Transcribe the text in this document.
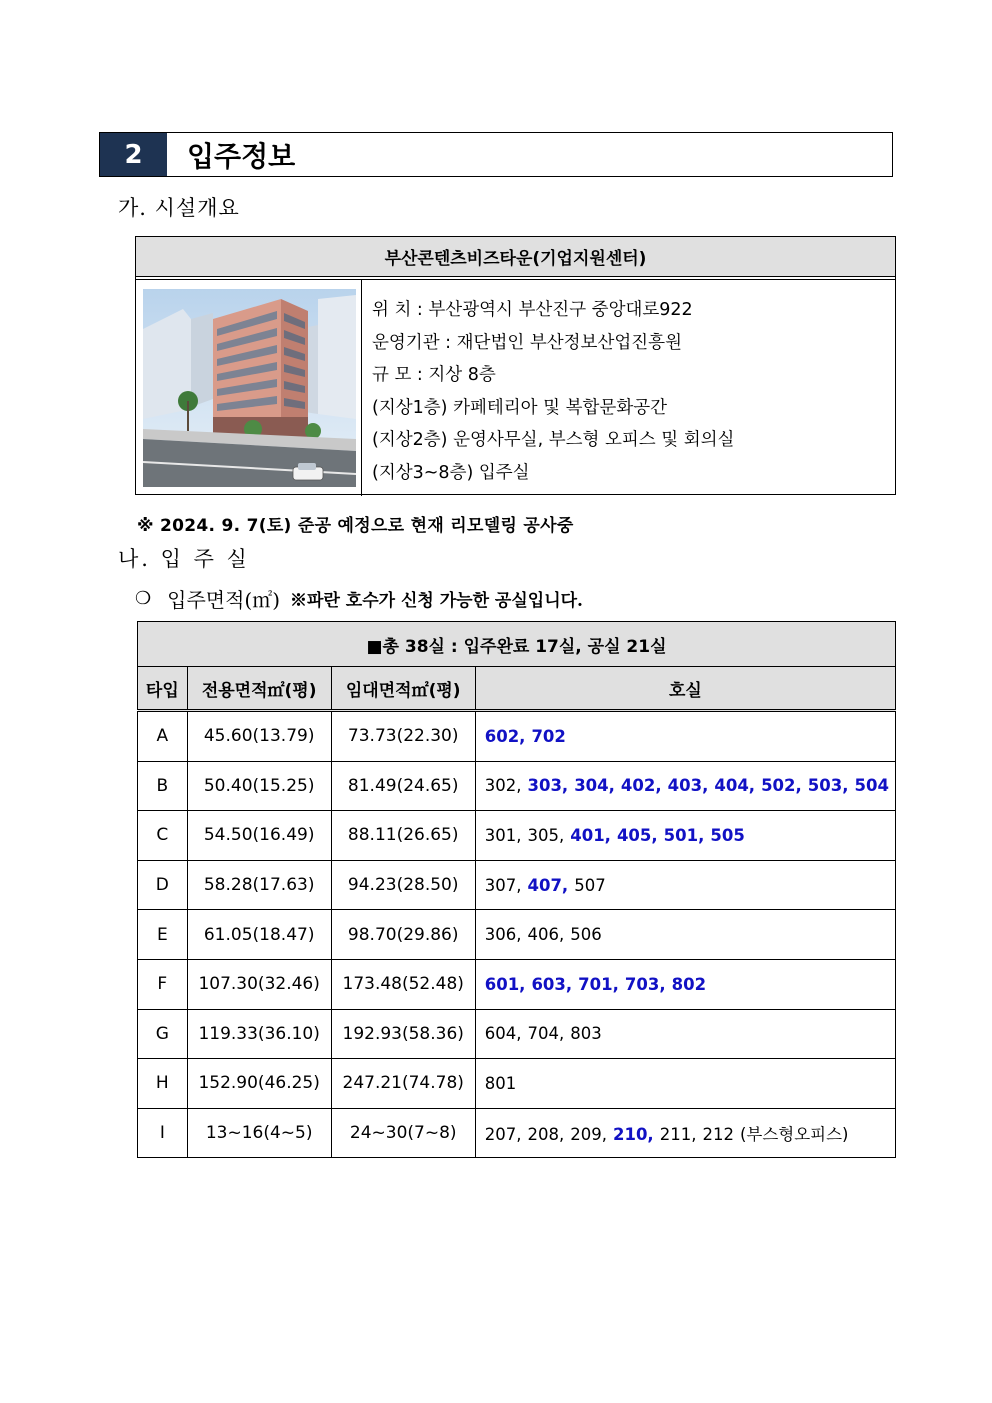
2	입주정보
가. 시설개요
부산콘텐츠비즈타운(기업지원센터)
위 치 : 부산광역시 부산진구 중앙대로922
운영기관 : 재단법인 부산정보산업진흥원
규 모 : 지상 8층
(지상1층) 카페테리아 및 복합문화공간
(지상2층) 운영사무실, 부스형 오피스 및 회의실
(지상3~8층) 입주실
※ 2024. 9. 7(토) 준공 예정으로 현재 리모델링 공사중
나. 입 주 실
❍ 입주면적(㎡) ※파란 호수가 신청 가능한 공실입니다.
■총 38실 : 입주완료 17실, 공실 21실			
타입	전용면적㎡(평)	임대면적㎡(평)	호실
A	45.60(13.79)	73.73(22.30)	602, 702
B	50.40(15.25)	81.49(24.65)	302, 303, 304, 402, 403, 404, 502, 503, 504
C	54.50(16.49)	88.11(26.65)	301, 305, 401, 405, 501, 505
D	58.28(17.63)	94.23(28.50)	307, 407, 507
E	61.05(18.47)	98.70(29.86)	306, 406, 506
F	107.30(32.46)	173.48(52.48)	601, 603, 701, 703, 802
G	119.33(36.10)	192.93(58.36)	604, 704, 803
H	152.90(46.25)	247.21(74.78)	801
I	13~16(4~5)	24~30(7~8)	207, 208, 209, 210, 211, 212 (부스형오피스)
